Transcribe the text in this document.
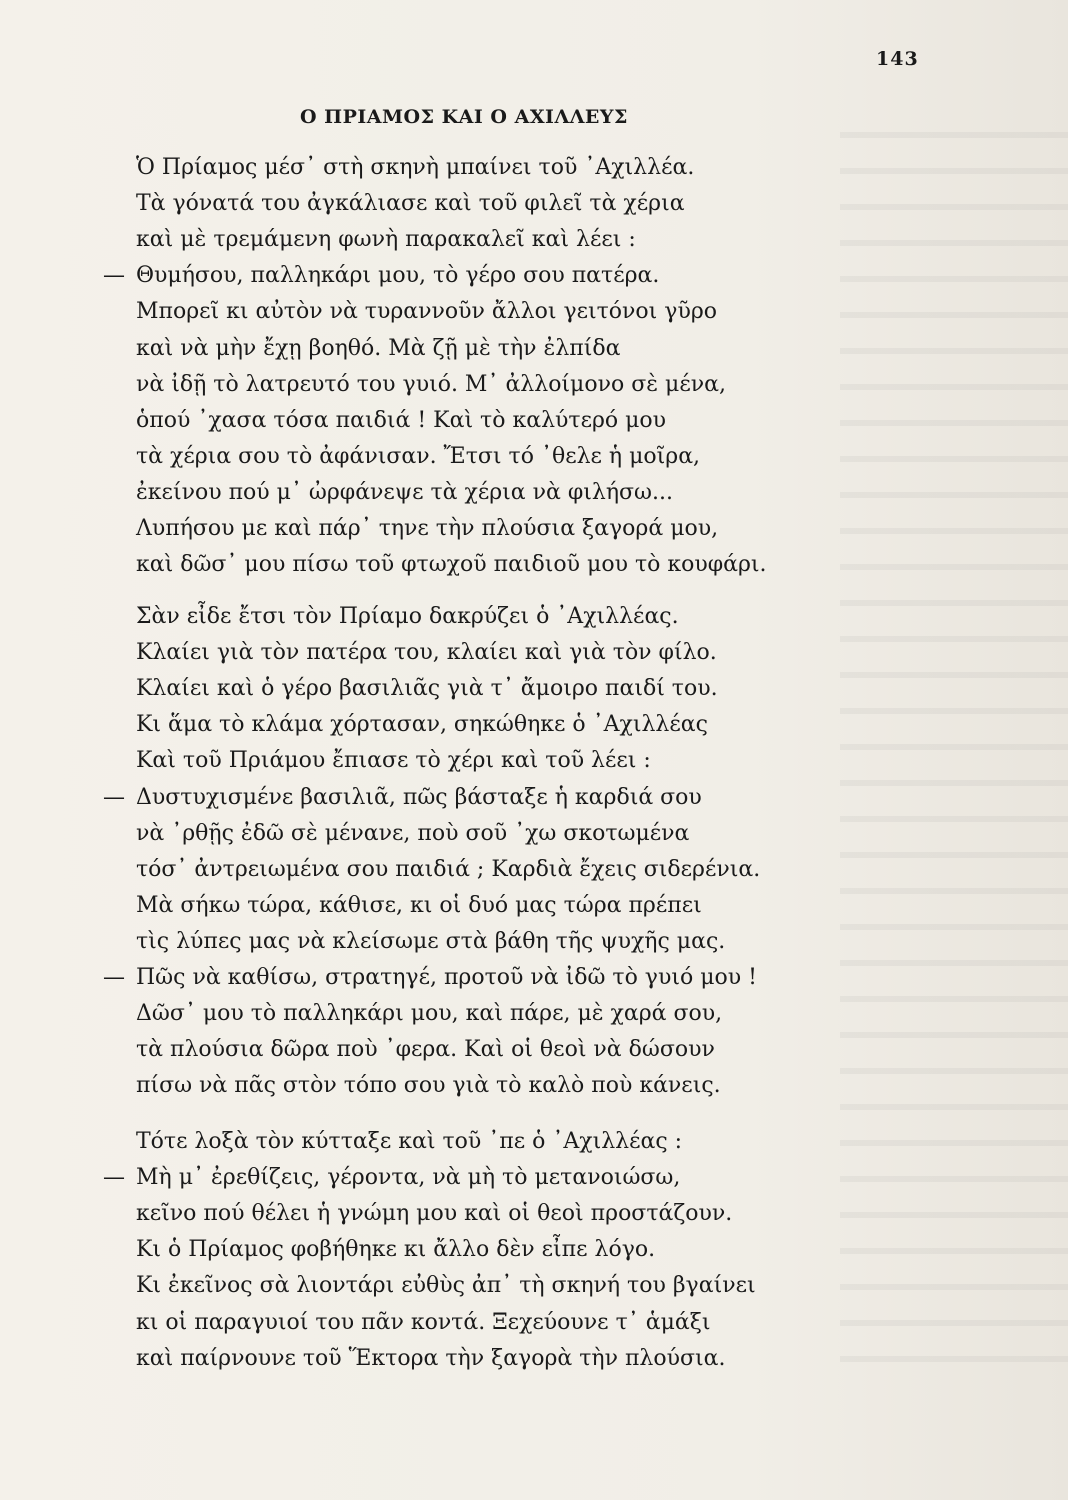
143
Ο ΠΡΙΑΜΟΣ ΚΑΙ Ο ΑΧΙΛΛΕΥΣ
Ὁ Πρίαμος μέσ᾽ στὴ σκηνὴ μπαίνει τοῦ ᾽Αχιλλέα.
Τὰ γόνατά του ἀγκάλιασε καὶ τοῦ φιλεῖ τὰ χέρια
καὶ μὲ τρεμάμενη φωνὴ παρακαλεῖ καὶ λέει :
— Θυμήσου, παλληκάρι μου, τὸ γέρο σου πατέρα.
Μπορεῖ κι αὐτὸν νὰ τυραννοῦν ἄλλοι γειτόνοι γῦρο
καὶ νὰ μὴν ἔχῃ βοηθό. Μὰ ζῇ μὲ τὴν ἐλπίδα
νὰ ἰδῇ τὸ λατρευτό του γυιό. Μ᾽ ἀλλοίμονο σὲ μένα,
ὁπού ᾽χασα τόσα παιδιά ! Καὶ τὸ καλύτερό μου
τὰ χέρια σου τὸ ἀφάνισαν. Ἔτσι τό ᾽θελε ἡ μοῖρα,
ἐκείνου πού μ᾽ ὠρφάνεψε τὰ χέρια νὰ φιλήσω...
Λυπήσου με καὶ πάρ᾽ τηνε τὴν πλούσια ξαγορά μου,
καὶ δῶσ᾽ μου πίσω τοῦ φτωχοῦ παιδιοῦ μου τὸ κουφάρι.
Σὰν εἶδε ἔτσι τὸν Πρίαμο δακρύζει ὁ ᾽Αχιλλέας.
Κλαίει γιὰ τὸν πατέρα του, κλαίει καὶ γιὰ τὸν φίλο.
Κλαίει καὶ ὁ γέρο βασιλιᾶς γιὰ τ᾽ ἄμοιρο παιδί του.
Κι ἅμα τὸ κλάμα χόρτασαν, σηκώθηκε ὁ ᾽Αχιλλέας
Καὶ τοῦ Πριάμου ἔπιασε τὸ χέρι καὶ τοῦ λέει :
— Δυστυχισμένε βασιλιᾶ, πῶς βάσταξε ἡ καρδιά σου
νὰ ᾽ρθῇς ἐδῶ σὲ μένανε, ποὺ σοῦ ᾽χω σκοτωμένα
τόσ᾽ ἀντρειωμένα σου παιδιά ; Καρδιὰ ἔχεις σιδερένια.
Μὰ σήκω τώρα, κάθισε, κι οἱ δυό μας τώρα πρέπει
τὶς λύπες μας νὰ κλείσωμε στὰ βάθη τῆς ψυχῆς μας.
— Πῶς νὰ καθίσω, στρατηγέ, προτοῦ νὰ ἰδῶ τὸ γυιό μου !
Δῶσ᾽ μου τὸ παλληκάρι μου, καὶ πάρε, μὲ χαρά σου,
τὰ πλούσια δῶρα ποὺ ᾽φερα. Καὶ οἱ θεοὶ νὰ δώσουν
πίσω νὰ πᾶς στὸν τόπο σου γιὰ τὸ καλὸ ποὺ κάνεις.
Τότε λοξὰ τὸν κύτταξε καὶ τοῦ ᾽πε ὁ ᾽Αχιλλέας :
— Μὴ μ᾽ ἐρεθίζεις, γέροντα, νὰ μὴ τὸ μετανοιώσω,
κεῖνο πού θέλει ἡ γνώμη μου καὶ οἱ θεοὶ προστάζουν.
Κι ὁ Πρίαμος φοβήθηκε κι ἄλλο δὲν εἶπε λόγο.
Κι ἐκεῖνος σὰ λιοντάρι εὐθὺς ἀπ᾽ τὴ σκηνή του βγαίνει
κι οἱ παραγυιοί του πᾶν κοντά. Ξεχεύουνε τ᾽ ἁμάξι
καὶ παίρνουνε τοῦ Ἕκτορα τὴν ξαγορὰ τὴν πλούσια.
